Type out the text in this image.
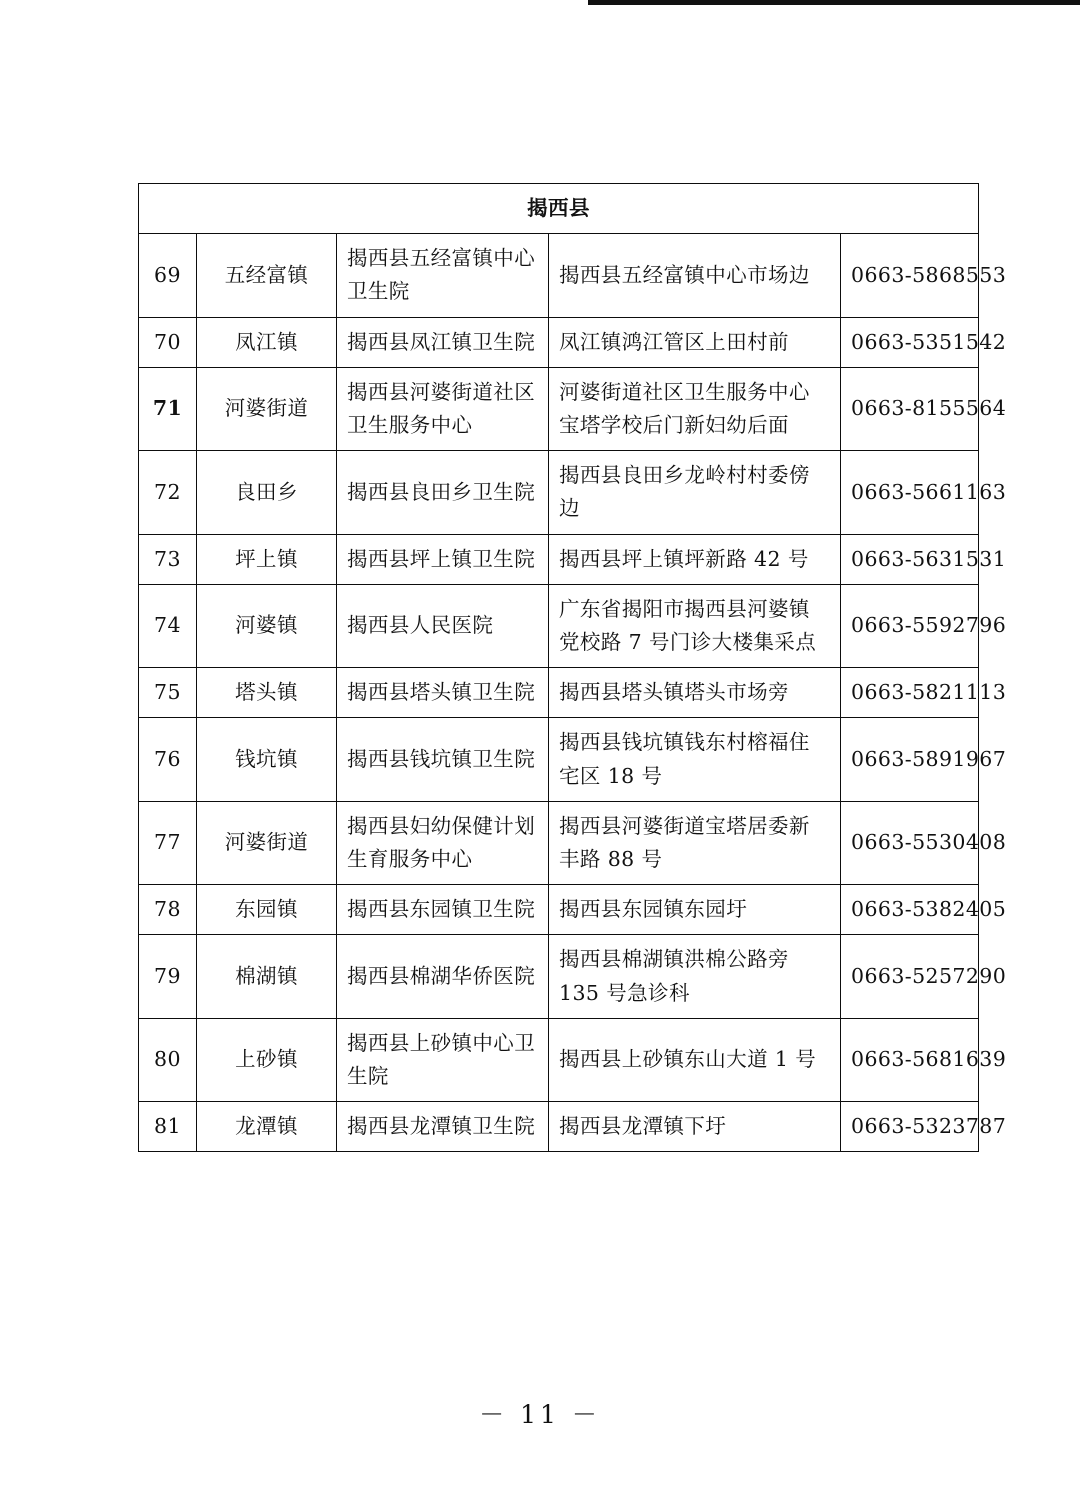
揭西县				
69	五经富镇	揭西县五经富镇中心卫生院	揭西县五经富镇中心市场边	0663-5868553
70	凤江镇	揭西县凤江镇卫生院	凤江镇鸿江管区上田村前	0663-5351542
71	河婆街道	揭西县河婆街道社区卫生服务中心	河婆街道社区卫生服务中心宝塔学校后门新妇幼后面	0663-8155564
72	良田乡	揭西县良田乡卫生院	揭西县良田乡龙岭村村委傍边	0663-5661163
73	坪上镇	揭西县坪上镇卫生院	揭西县坪上镇坪新路 42 号	0663-5631531
74	河婆镇	揭西县人民医院	广东省揭阳市揭西县河婆镇党校路 7 号门诊大楼集采点	0663-5592796
75	塔头镇	揭西县塔头镇卫生院	揭西县塔头镇塔头市场旁	0663-5821113
76	钱坑镇	揭西县钱坑镇卫生院	揭西县钱坑镇钱东村榕福住宅区 18 号	0663-5891967
77	河婆街道	揭西县妇幼保健计划生育服务中心	揭西县河婆街道宝塔居委新丰路 88 号	0663-5530408
78	东园镇	揭西县东园镇卫生院	揭西县东园镇东园圩	0663-5382405
79	棉湖镇	揭西县棉湖华侨医院	揭西县棉湖镇洪棉公路旁 135 号急诊科	0663-5257290
80	上砂镇	揭西县上砂镇中心卫生院	揭西县上砂镇东山大道 1 号	0663-5681639
81	龙潭镇	揭西县龙潭镇卫生院	揭西县龙潭镇下圩	0663-5323787
－ 11 －
